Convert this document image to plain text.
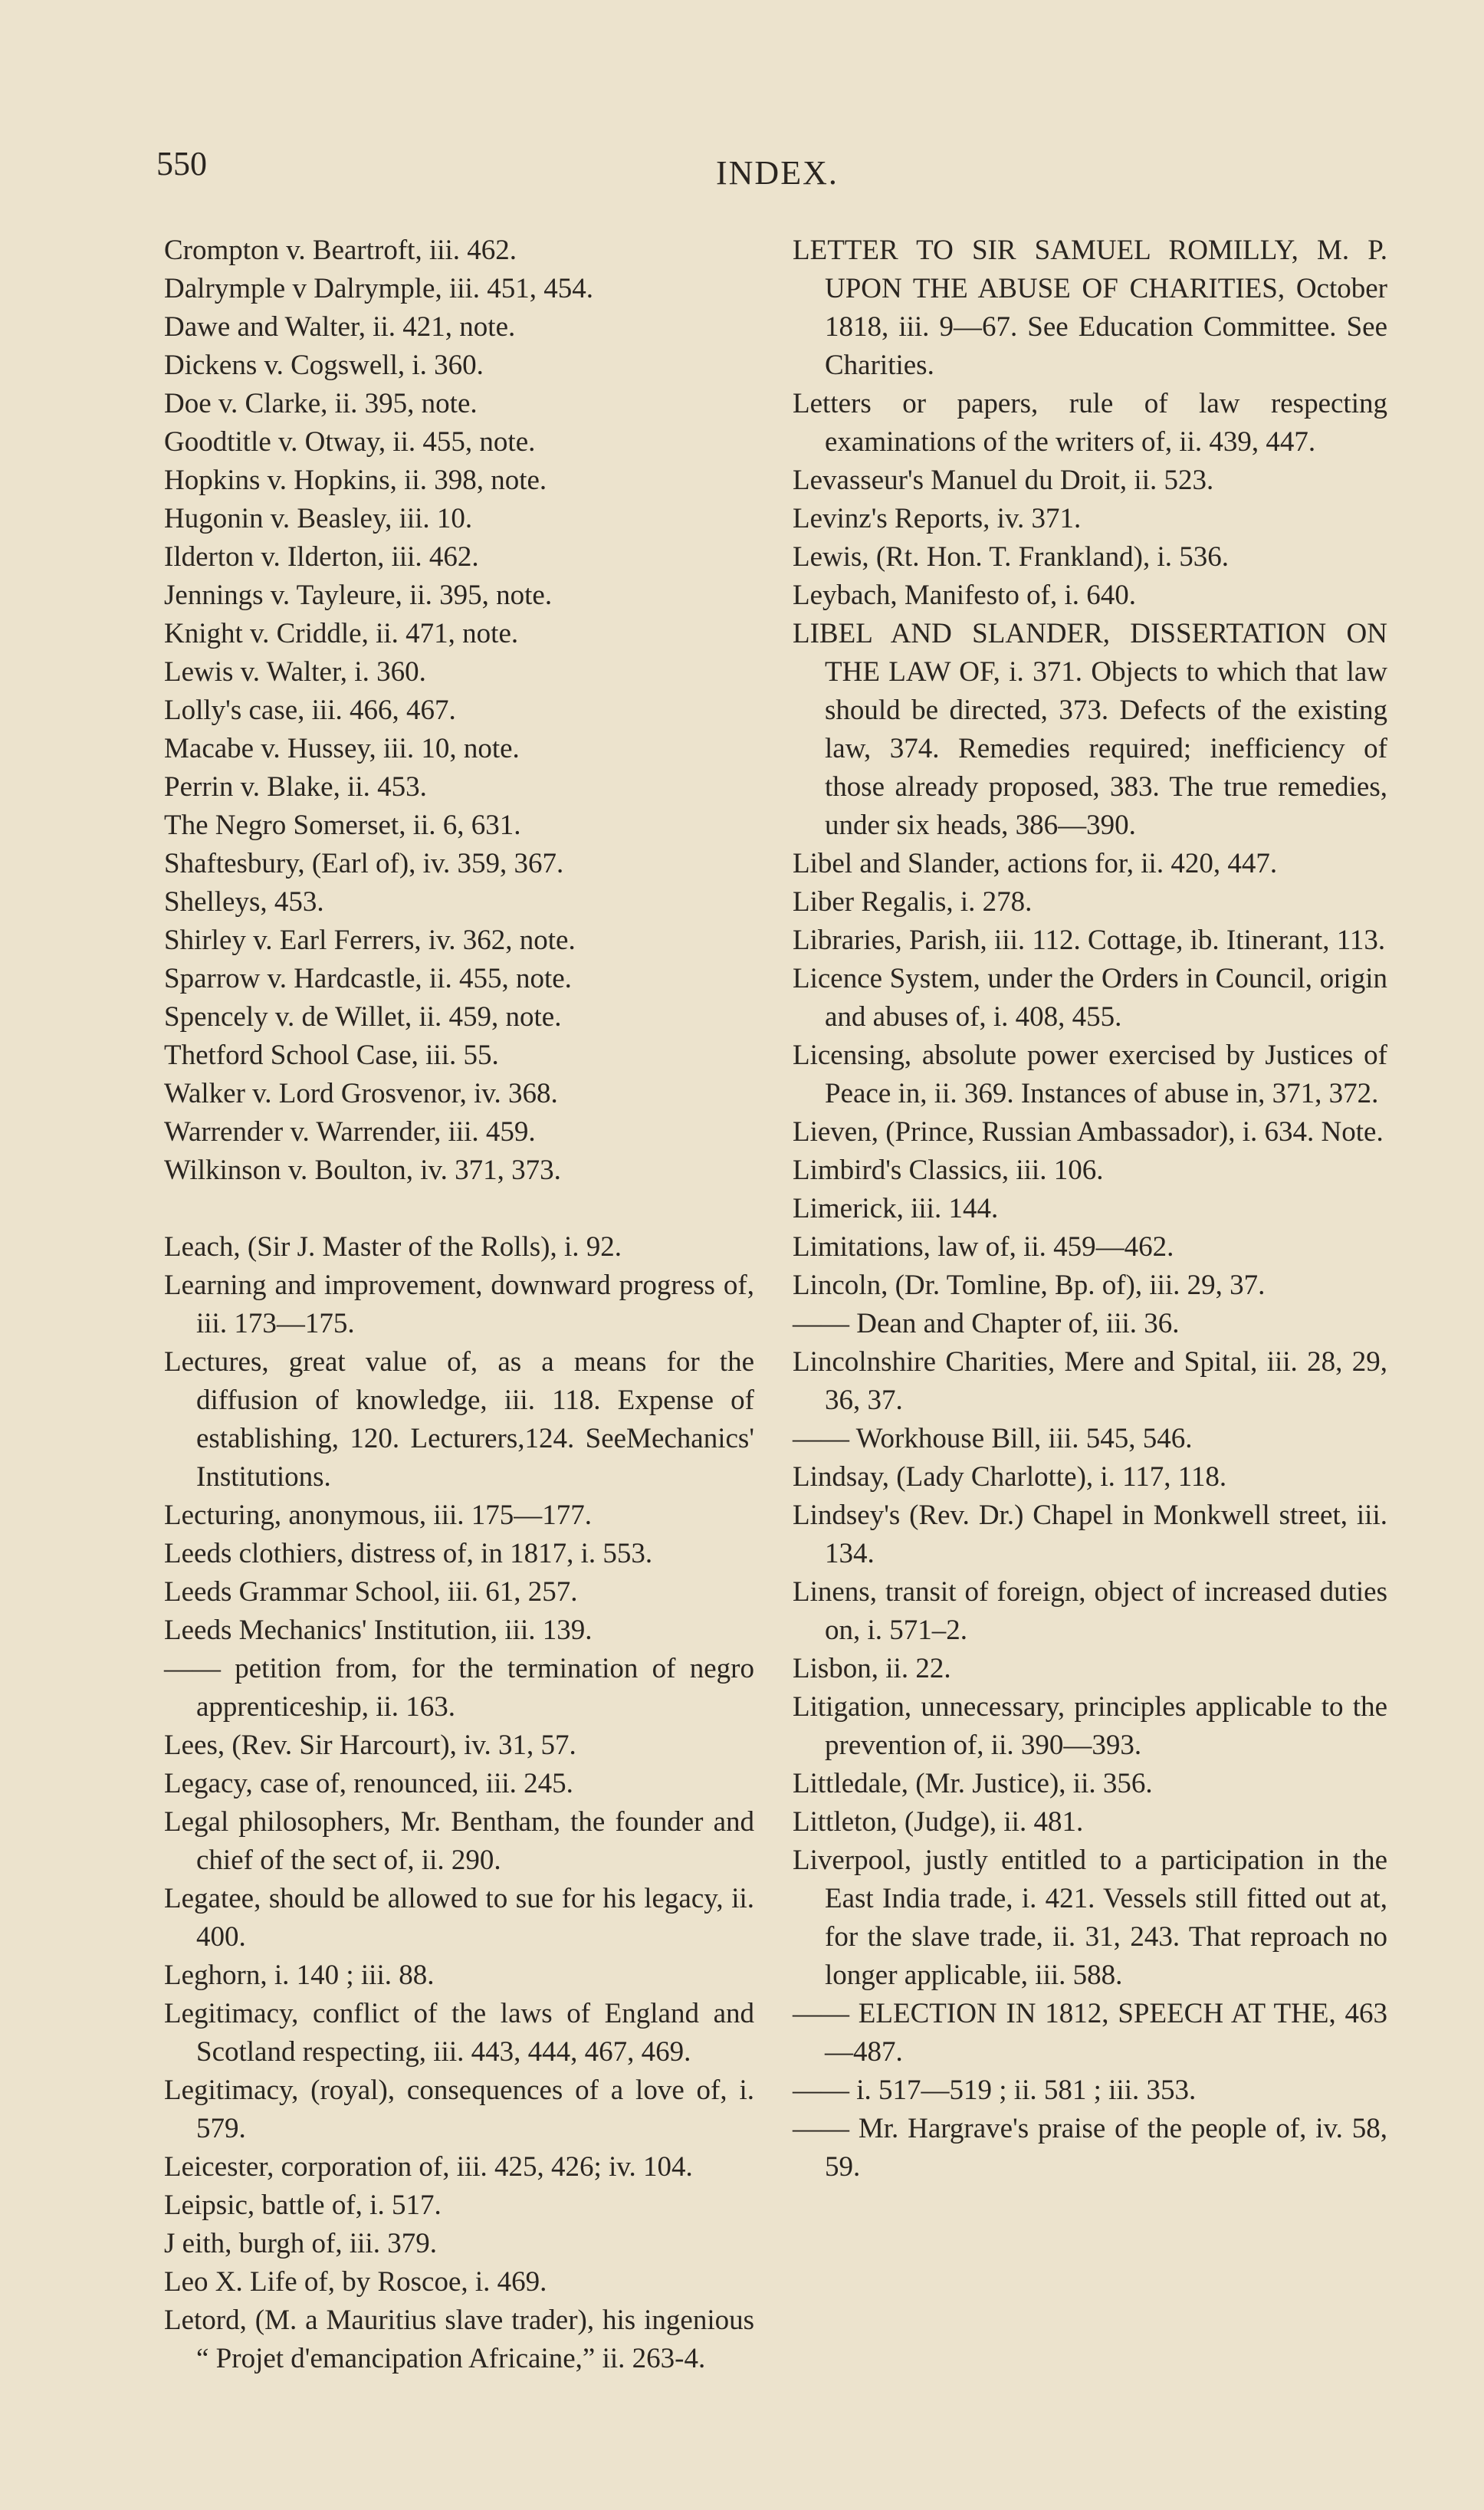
550	INDEX.
Crompton v. Beartroft, iii. 462.
Dalrymple v Dalrymple, iii. 451, 454.
Dawe and Walter, ii. 421, note.
Dickens v. Cogswell, i. 360.
Doe v. Clarke, ii. 395, note.
Goodtitle v. Otway, ii. 455, note.
Hopkins v. Hopkins, ii. 398, note.
Hugonin v. Beasley, iii. 10.
Ilderton v. Ilderton, iii. 462.
Jennings v. Tayleure, ii. 395, note.
Knight v. Criddle, ii. 471, note.
Lewis v. Walter, i. 360.
Lolly's case, iii. 466, 467.
Macabe v. Hussey, iii. 10, note.
Perrin v. Blake, ii. 453.
The Negro Somerset, ii. 6, 631.
Shaftesbury, (Earl of), iv. 359, 367.
Shelleys, 453.
Shirley v. Earl Ferrers, iv. 362, note.
Sparrow v. Hardcastle, ii. 455, note.
Spencely v. de Willet, ii. 459, note.
Thetford School Case, iii. 55.
Walker v. Lord Grosvenor, iv. 368.
Warrender v. Warrender, iii. 459.
Wilkinson v. Boulton, iv. 371, 373.
Leach, (Sir J. Master of the Rolls), i. 92.
Learning and improvement, downward progress of, iii. 173—175.
Lectures, great value of, as a means for the diffusion of knowledge, iii. 118. Expense of establishing, 120. Lecturers,124. SeeMechanics' Institutions.
Lecturing, anonymous, iii. 175—177.
Leeds clothiers, distress of, in 1817, i. 553.
Leeds Grammar School, iii. 61, 257.
Leeds Mechanics' Institution, iii. 139.
—— petition from, for the termination of negro apprenticeship, ii. 163.
Lees, (Rev. Sir Harcourt), iv. 31, 57.
Legacy, case of, renounced, iii. 245.
Legal philosophers, Mr. Bentham, the founder and chief of the sect of, ii. 290.
Legatee, should be allowed to sue for his legacy, ii. 400.
Leghorn, i. 140 ; iii. 88.
Legitimacy, conflict of the laws of England and Scotland respecting, iii. 443, 444, 467, 469.
Legitimacy, (royal), consequences of a love of, i. 579.
Leicester, corporation of, iii. 425, 426; iv. 104.
Leipsic, battle of, i. 517.
J eith, burgh of, iii. 379.
Leo X. Life of, by Roscoe, i. 469.
Letord, (M. a Mauritius slave trader), his ingenious “ Projet d'emancipation Africaine,” ii. 263-4.
LETTER TO SIR SAMUEL ROMILLY, M. P. UPON THE ABUSE OF CHARITIES, October 1818, iii. 9—67. See Education Committee. See Charities.
Letters or papers, rule of law respecting examinations of the writers of, ii. 439, 447.
Levasseur's Manuel du Droit, ii. 523.
Levinz's Reports, iv. 371.
Lewis, (Rt. Hon. T. Frankland), i. 536.
Leybach, Manifesto of, i. 640.
LIBEL AND SLANDER, DISSERTATION ON THE LAW OF, i. 371. Objects to which that law should be directed, 373. Defects of the existing law, 374. Remedies required; inefficiency of those already proposed, 383. The true remedies, under six heads, 386—390.
Libel and Slander, actions for, ii. 420, 447.
Liber Regalis, i. 278.
Libraries, Parish, iii. 112. Cottage, ib. Itinerant, 113.
Licence System, under the Orders in Council, origin and abuses of, i. 408, 455.
Licensing, absolute power exercised by Justices of Peace in, ii. 369. Instances of abuse in, 371, 372.
Lieven, (Prince, Russian Ambassador), i. 634. Note.
Limbird's Classics, iii. 106.
Limerick, iii. 144.
Limitations, law of, ii. 459—462.
Lincoln, (Dr. Tomline, Bp. of), iii. 29, 37.
—— Dean and Chapter of, iii. 36.
Lincolnshire Charities, Mere and Spital, iii. 28, 29, 36, 37.
—— Workhouse Bill, iii. 545, 546.
Lindsay, (Lady Charlotte), i. 117, 118.
Lindsey's (Rev. Dr.) Chapel in Monkwell street, iii. 134.
Linens, transit of foreign, object of increased duties on, i. 571–2.
Lisbon, ii. 22.
Litigation, unnecessary, principles applicable to the prevention of, ii. 390—393.
Littledale, (Mr. Justice), ii. 356.
Littleton, (Judge), ii. 481.
Liverpool, justly entitled to a participation in the East India trade, i. 421. Vessels still fitted out at, for the slave trade, ii. 31, 243. That reproach no longer applicable, iii. 588.
—— ELECTION IN 1812, SPEECH AT THE, 463—487.
—— i. 517—519 ; ii. 581 ; iii. 353.
—— Mr. Hargrave's praise of the people of, iv. 58, 59.
